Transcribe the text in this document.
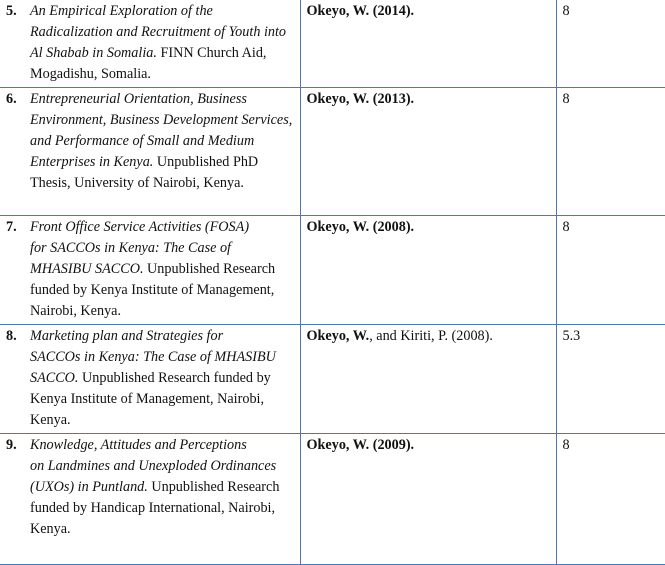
5. An Empirical Exploration of the
Radicalization and Recruitment of Youth into Al Shabab in Somalia. FINN Church Aid, Mogadishu, Somalia.	Okeyo, W. (2014).	8

6. Entrepreneurial Orientation, Business
Environment, Business Development Services, and Performance of Small and Medium Enterprises in Kenya. Unpublished PhD Thesis, University of Nairobi, Kenya.	Okeyo, W. (2013).	8

7. Front Office Service Activities (FOSA)
for SACCOs in Kenya: The Case of MHASIBU SACCO. Unpublished Research funded by Kenya Institute of Management, Nairobi, Kenya.	Okeyo, W. (2008).	8

8. Marketing plan and Strategies for
SACCOs in Kenya: The Case of MHASIBU SACCO. Unpublished Research funded by Kenya Institute of Management, Nairobi, Kenya.	Okeyo, W., and Kiriti, P. (2008).	5.3

9. Knowledge, Attitudes and Perceptions
on Landmines and Unexploded Ordinances (UXOs) in Puntland. Unpublished Research funded by Handicap International, Nairobi, Kenya.	Okeyo, W. (2009).	8
